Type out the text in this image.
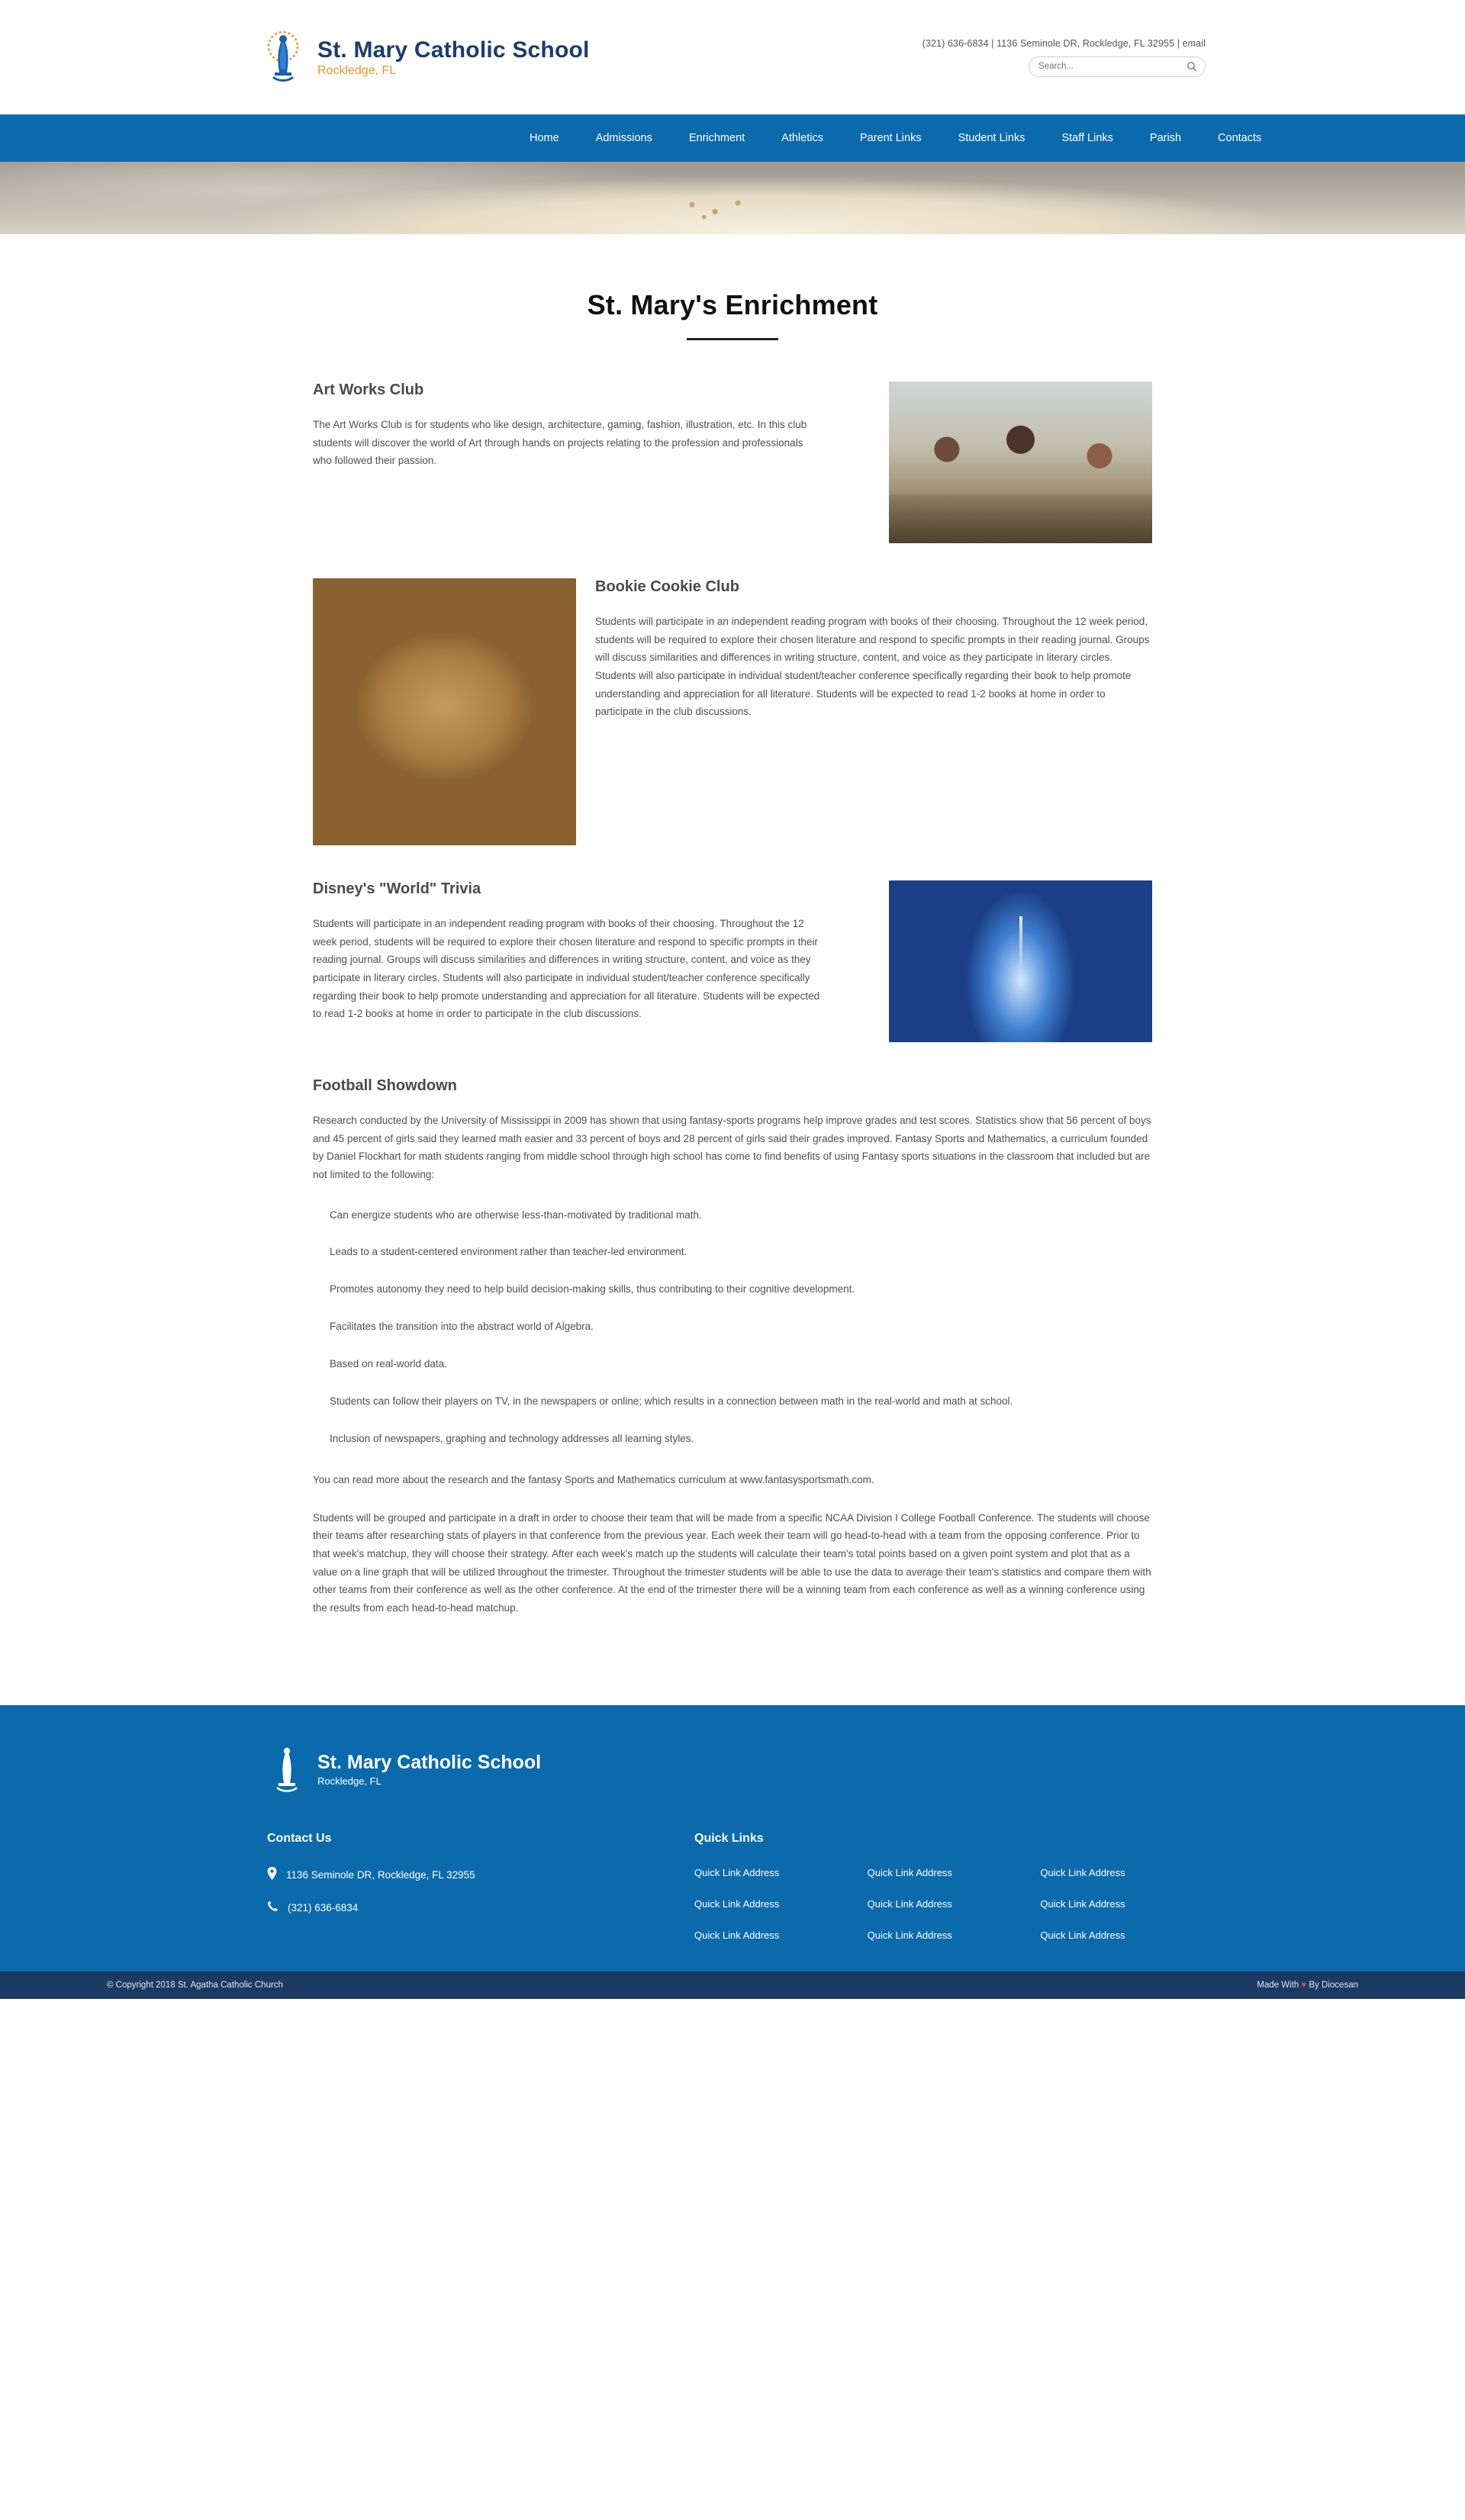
St. Mary Catholic School
Rockledge, FL
(321) 636-6834 | 1136 Seminole DR, Rockledge, FL 32955 | email
Search...
Home	Admissions	Enrichment	Athletics	Parent Links	Student Links	Staff Links	Parish	Contacts
St. Mary's Enrichment
Art Works Club

The Art Works Club is for students who like design, architecture, gaming, fashion, illustration, etc. In this club students will discover the world of Art through hands on projects relating to the profession and professionals who followed their passion.

Bookie Cookie Club

Students will participate in an independent reading program with books of their choosing. Throughout the 12 week period, students will be required to explore their chosen literature and respond to specific prompts in their reading journal. Groups will discuss similarities and differences in writing structure, content, and voice as they participate in literary circles. Students will also participate in individual student/teacher conference specifically regarding their book to help promote understanding and appreciation for all literature. Students will be expected to read 1-2 books at home in order to participate in the club discussions.

Disney's "World" Trivia

Students will participate in an independent reading program with books of their choosing. Throughout the 12 week period, students will be required to explore their chosen literature and respond to specific prompts in their reading journal. Groups will discuss similarities and differences in writing structure, content, and voice as they participate in literary circles. Students will also participate in individual student/teacher conference specifically regarding their book to help promote understanding and appreciation for all literature. Students will be expected to read 1-2 books at home in order to participate in the club discussions.

Football Showdown

Research conducted by the University of Mississippi in 2009 has shown that using fantasy-sports programs help improve grades and test scores. Statistics show that 56 percent of boys and 45 percent of girls said they learned math easier and 33 percent of boys and 28 percent of girls said their grades improved. Fantasy Sports and Mathematics, a curriculum founded by Daniel Flockhart for math students ranging from middle school through high school has come to find benefits of using Fantasy sports situations in the classroom that included but are not limited to the following:

Can energize students who are otherwise less-than-motivated by traditional math.
Leads to a student-centered environment rather than teacher-led environment.
Promotes autonomy they need to help build decision-making skills, thus contributing to their cognitive development.
Facilitates the transition into the abstract world of Algebra.
Based on real-world data.
Students can follow their players on TV, in the newspapers or online; which results in a connection between math in the real-world and math at school.
Inclusion of newspapers, graphing and technology addresses all learning styles.

You can read more about the research and the fantasy Sports and Mathematics curriculum at www.fantasysportsmath.com.

Students will be grouped and participate in a draft in order to choose their team that will be made from a specific NCAA Division I College Football Conference. The students will choose their teams after researching stats of players in that conference from the previous year. Each week their team will go head-to-head with a team from the opposing conference. Prior to that week's matchup, they will choose their strategy. After each week's match up the students will calculate their team's total points based on a given point system and plot that as a value on a line graph that will be utilized throughout the trimester. Throughout the trimester students will be able to use the data to average their team's statistics and compare them with other teams from their conference as well as the other conference. At the end of the trimester there will be a winning team from each conference as well as a winning conference using the results from each head-to-head matchup.

St. Mary Catholic School
Rockledge, FL
Contact Us
1136 Seminole DR, Rockledge, FL 32955
(321) 636-6834
Quick Links
Quick Link Address	Quick Link Address	Quick Link Address
Quick Link Address	Quick Link Address	Quick Link Address
Quick Link Address	Quick Link Address	Quick Link Address
© Copyright 2018 St. Agatha Catholic Church	Made With ♥ By Diocesan
